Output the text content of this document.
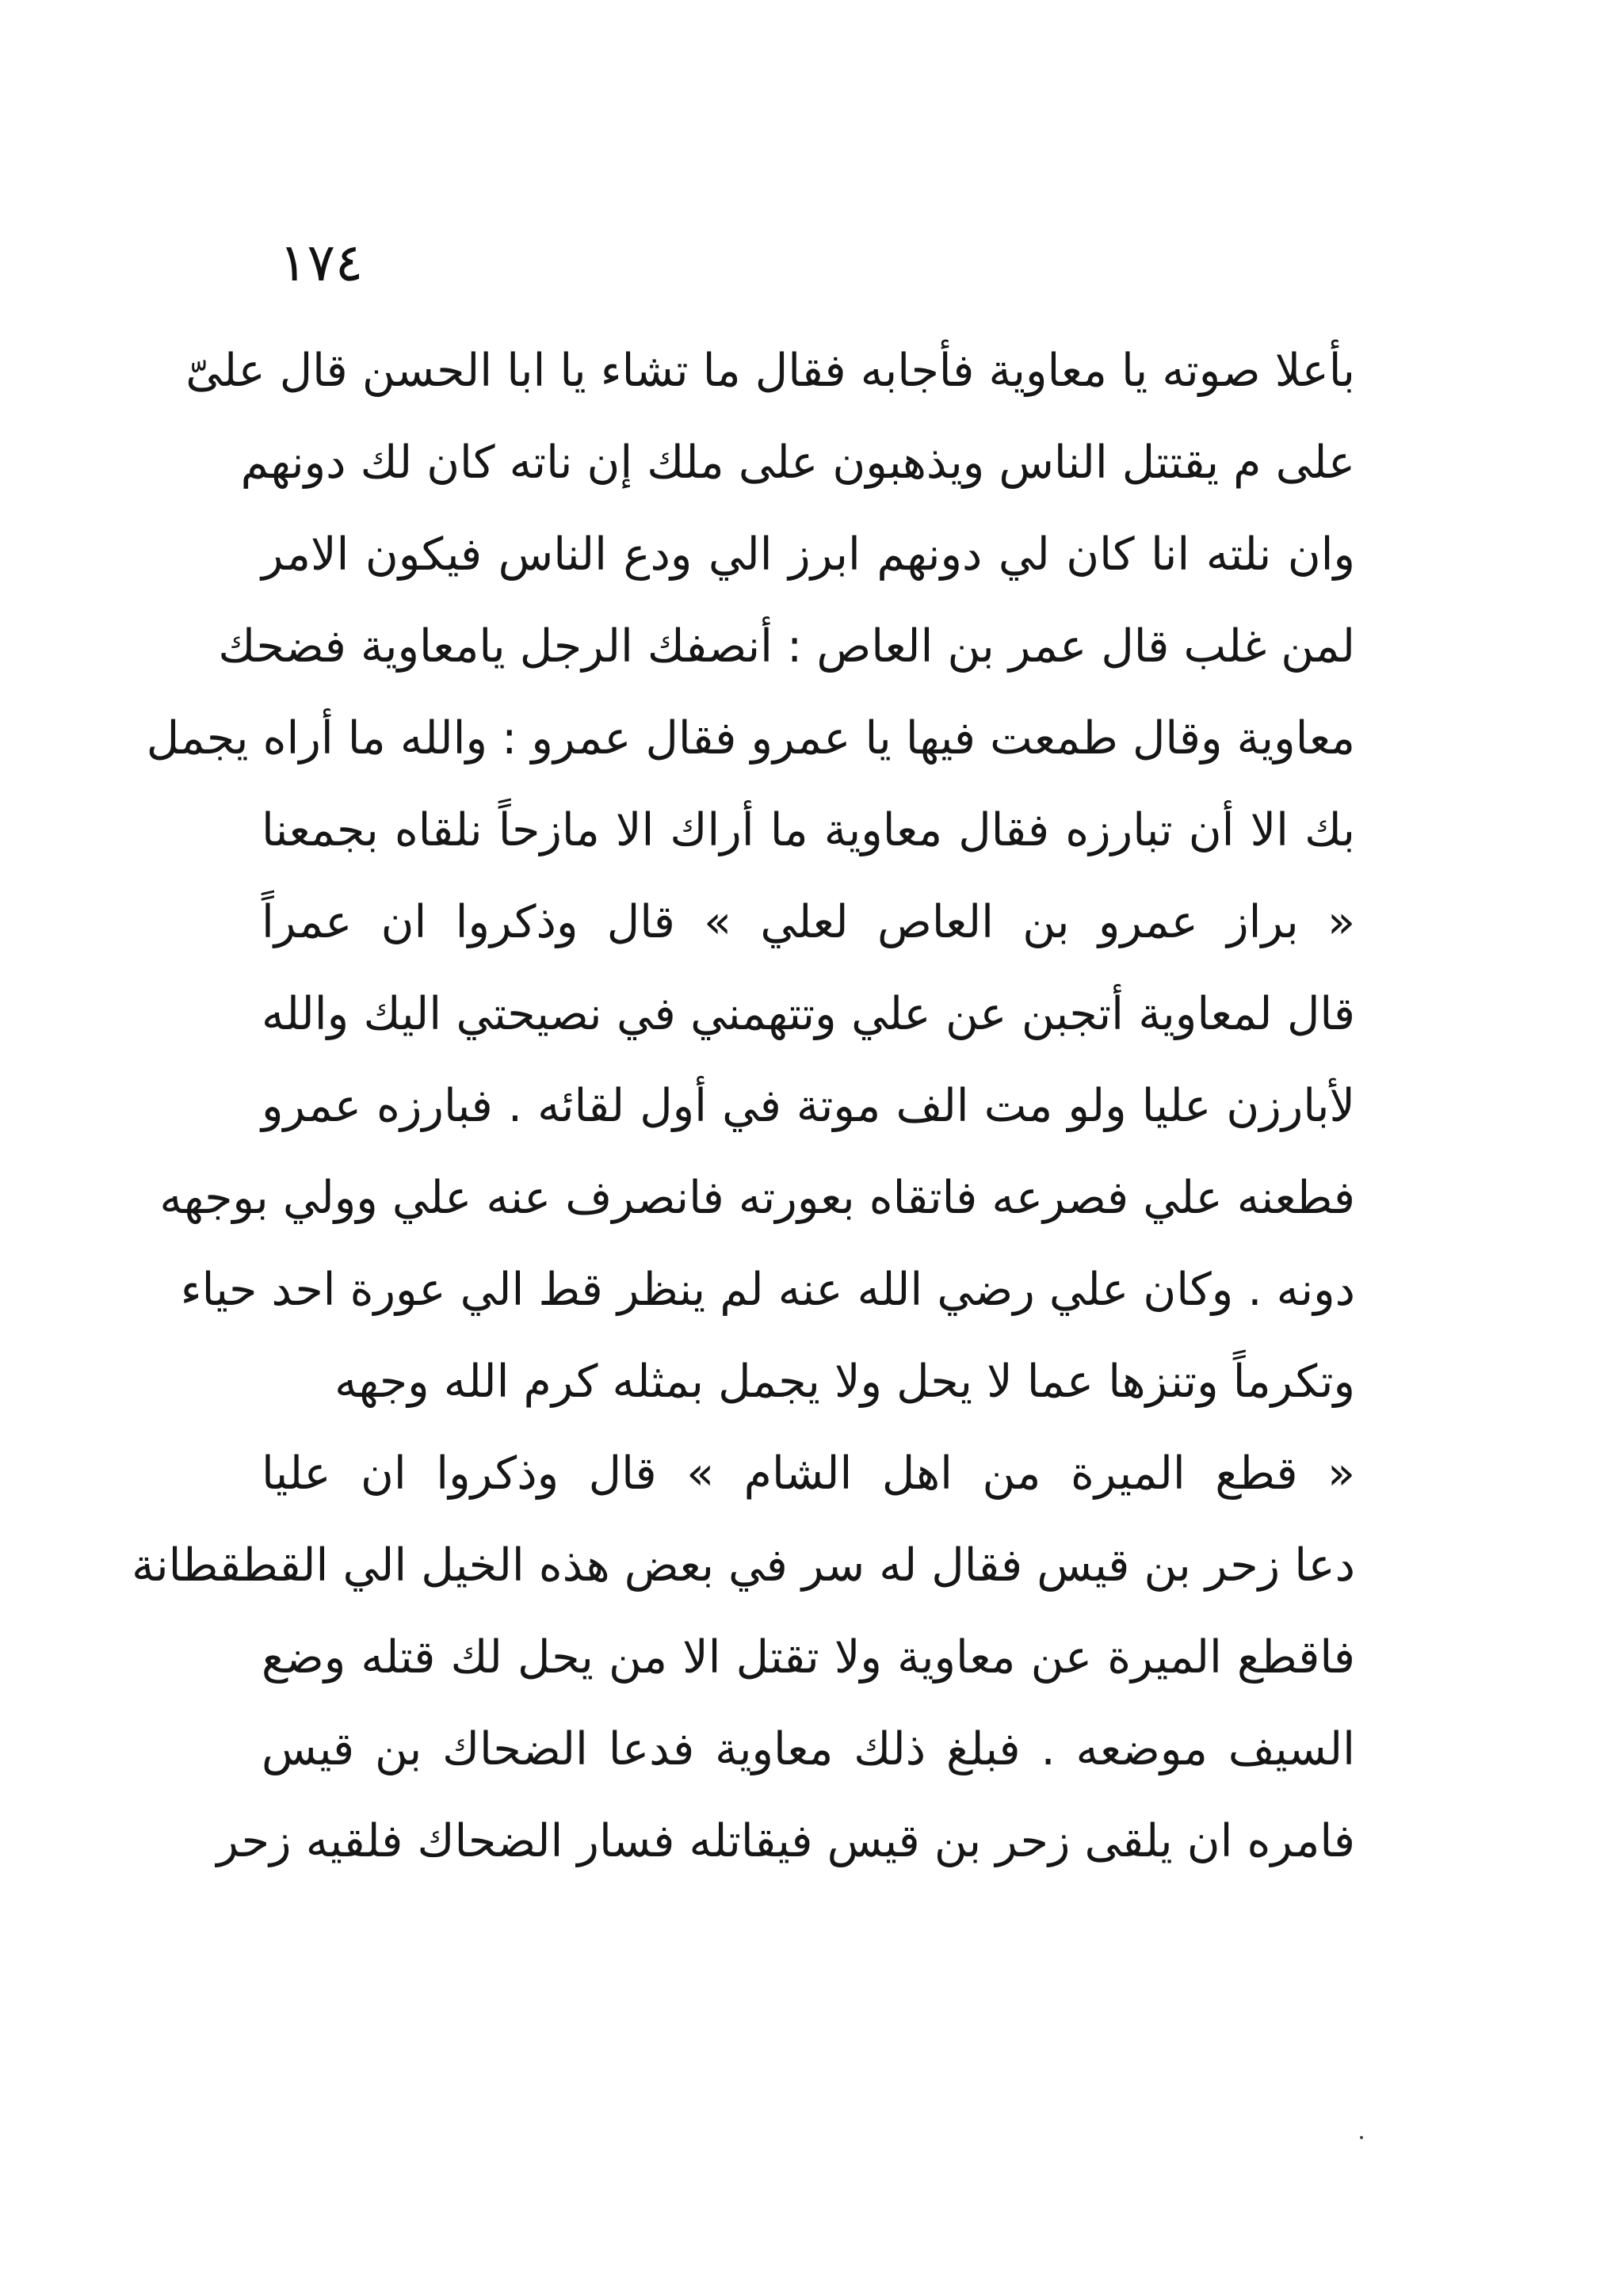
١٧٤
بأعلا صوته يا معاوية فأجابه فقال ما تشاء يا ابا الحسن قال علىّ
على م يقتتل الناس ويذهبون على ملك إن ناته كان لك دونهم
وان نلته انا كان لي دونهم ابرز الي ودع الناس فيكون الامر
لمن غلب قال عمر بن العاص : أنصفك الرجل يامعاوية فضحك
معاوية وقال طمعت فيها يا عمرو فقال عمرو : والله ما أراه يجمل
بك الا أن تبارزه فقال معاوية ما أراك الا مازحاً نلقاه بجمعنا
« براز عمرو بن العاص لعلي » قال وذكروا ان عمراً
قال لمعاوية أتجبن عن علي وتتهمني في نصيحتي اليك والله
لأبارزن عليا ولو مت الف موتة في أول لقائه . فبارزه عمرو
فطعنه علي فصرعه فاتقاه بعورته فانصرف عنه علي وولي بوجهه
دونه . وكان علي رضي الله عنه لم ينظر قط الي عورة احد حياء
وتكرماً وتنزها عما لا يحل ولا يجمل بمثله كرم الله وجهه
« قطع الميرة من اهل الشام » قال وذكروا ان عليا
دعا زحر بن قيس فقال له سر في بعض هذه الخيل الي القطقطانة
فاقطع الميرة عن معاوية ولا تقتل الا من يحل لك قتله وضع
السيف موضعه . فبلغ ذلك معاوية فدعا الضحاك بن قيس
فامره ان يلقى زحر بن قيس فيقاتله فسار الضحاك فلقيه زحر
